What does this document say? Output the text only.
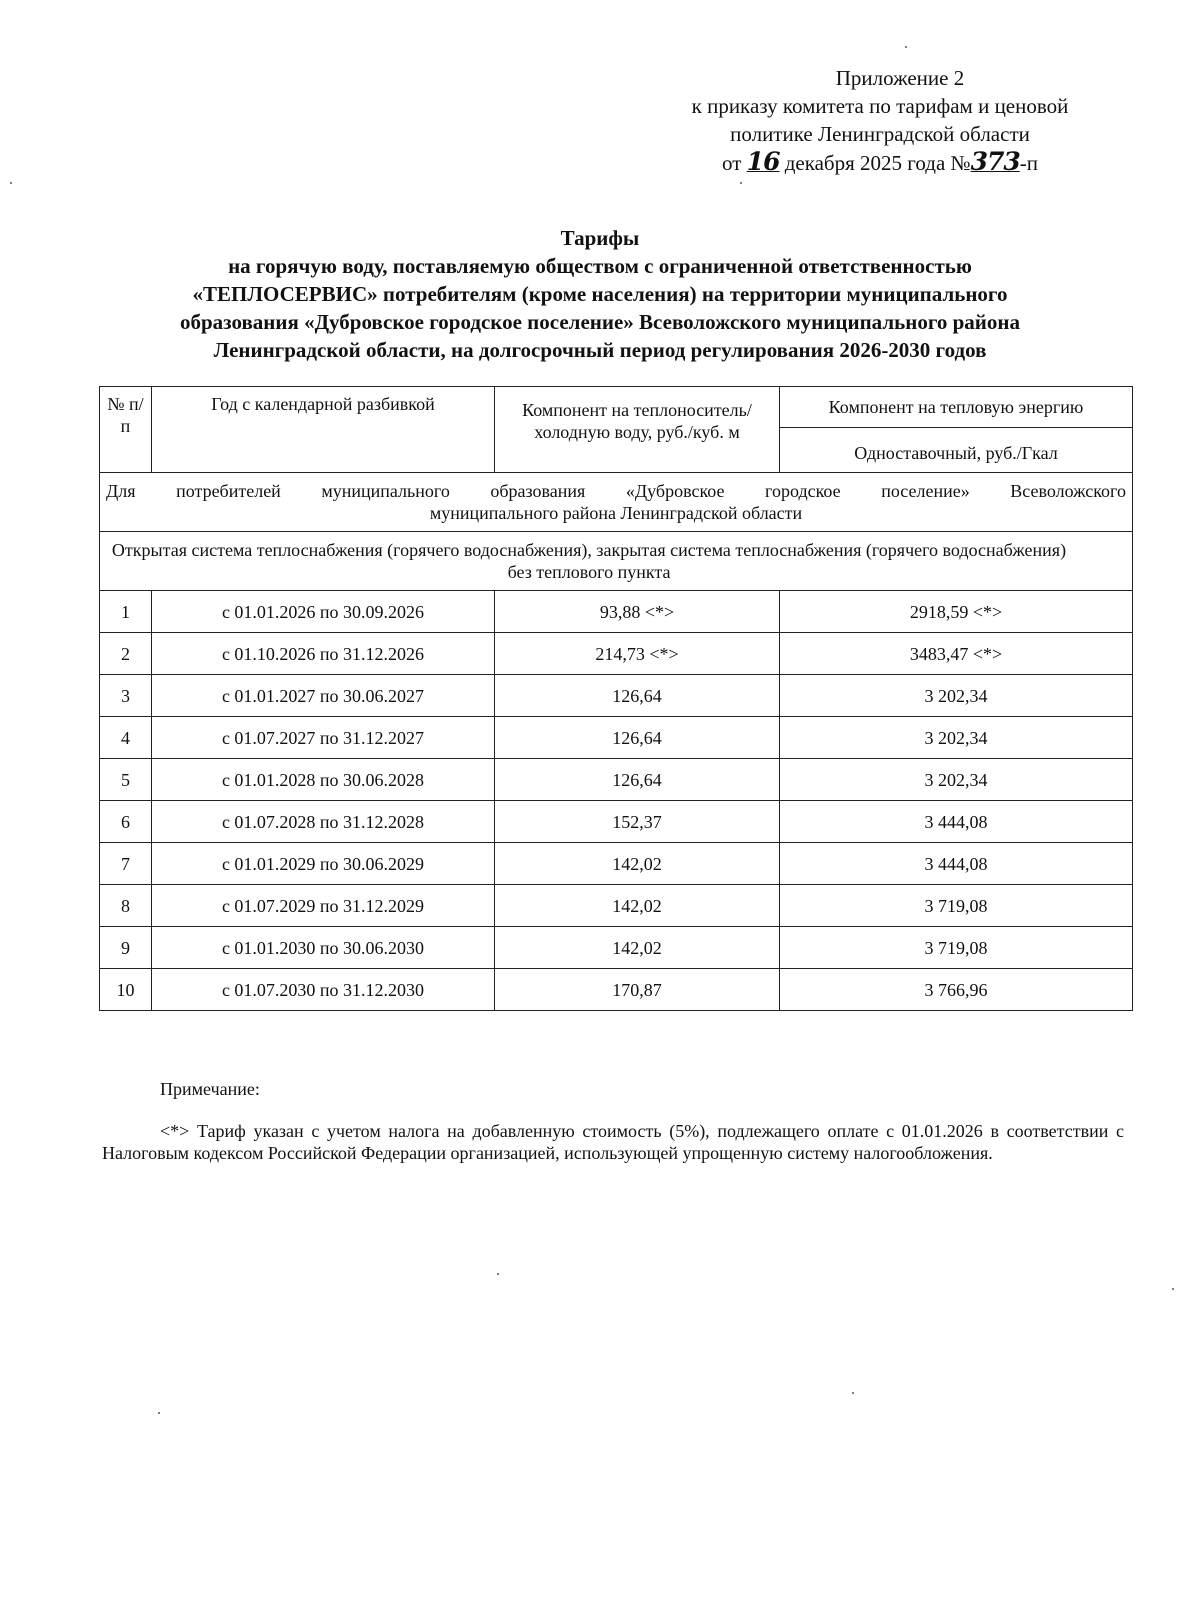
Приложение 2
к приказу комитета по тарифам и ценовой
политике Ленинградской области
от 16 декабря 2025 года №373-п
Тарифы
на горячую воду, поставляемую обществом с ограниченной ответственностью
«ТЕПЛОСЕРВИС» потребителям (кроме населения) на территории муниципального
образования «Дубровское городское поселение» Всеволожского муниципального района
Ленинградской области, на долгосрочный период регулирования 2026-2030 годов
№ п/п	Год с календарной разбивкой	Компонент на теплоноситель/холодную воду, руб./куб. м	Компонент на тепловую энергию
			Одноставочный, руб./Гкал

Для потребителей муниципального образования «Дубровское городское поселение» Всеволожского
муниципального района Ленинградской области			
Открытая система теплоснабжения (горячего водоснабжения), закрытая система теплоснабжения (горячего водоснабжения) без теплового пункта			
1	с 01.01.2026 по 30.09.2026	93,88 <*>	2918,59 <*>
2	с 01.10.2026 по 31.12.2026	214,73 <*>	3483,47 <*>
3	с 01.01.2027 по 30.06.2027	126,64	3 202,34
4	с 01.07.2027 по 31.12.2027	126,64	3 202,34
5	с 01.01.2028 по 30.06.2028	126,64	3 202,34
6	с 01.07.2028 по 31.12.2028	152,37	3 444,08
7	с 01.01.2029 по 30.06.2029	142,02	3 444,08
8	с 01.07.2029 по 31.12.2029	142,02	3 719,08
9	с 01.01.2030 по 30.06.2030	142,02	3 719,08
10	с 01.07.2030 по 31.12.2030	170,87	3 766,96
Примечание:
<*> Тариф указан с учетом налога на добавленную стоимость (5%), подлежащего оплате с 01.01.2026 в соответствии с Налоговым кодексом Российской Федерации организацией, использующей упрощенную систему налогообложения.
